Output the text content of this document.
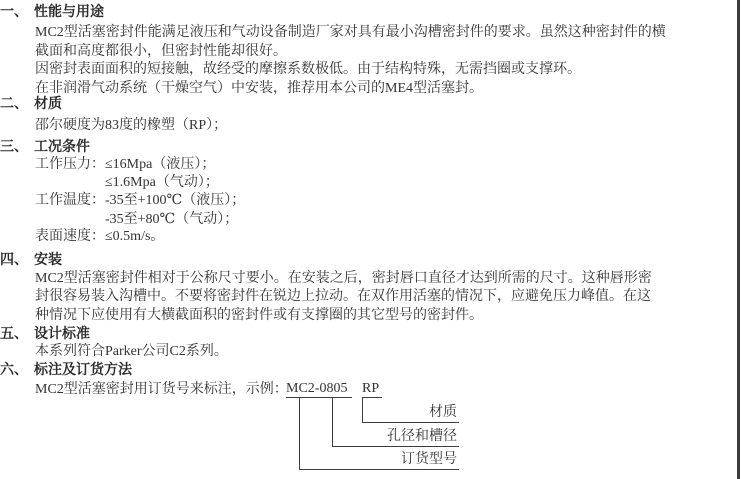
一、 性能与用途
MC2型活塞密封件能满足液压和气动设备制造厂家对具有最小沟槽密封件的要求。虽然这种密封件的横
截面和高度都很小，但密封性能却很好。
因密封表面面积的短接触，故经受的摩擦系数极低。由于结构特殊，无需挡圈或支撑环。
在非润滑气动系统（干燥空气）中安装，推荐用本公司的ME4型活塞封。
二、 材质
邵尔硬度为83度的橡塑（RP）；
三、 工况条件
工作压力：≤16Mpa（液压）；
≤1.6Mpa（气动）；
工作温度：-35至+100℃（液压）；
-35至+80℃（气动）；
表面速度：≤0.5m/s。
四、 安装
MC2型活塞密封件相对于公称尺寸要小。在安装之后，密封唇口直径才达到所需的尺寸。这种唇形密
封很容易装入沟槽中。不要将密封件在锐边上拉动。在双作用活塞的情况下，应避免压力峰值。在这
种情况下应使用有大横截面积的密封件或有支撑圈的其它型号的密封件。
五、 设计标准
本系列符合Parker公司C2系列。
六、 标注及订货方法
MC2型活塞密封用订货号来标注，示例：
MC2-0805	RP
材质
孔径和槽径
订货型号
